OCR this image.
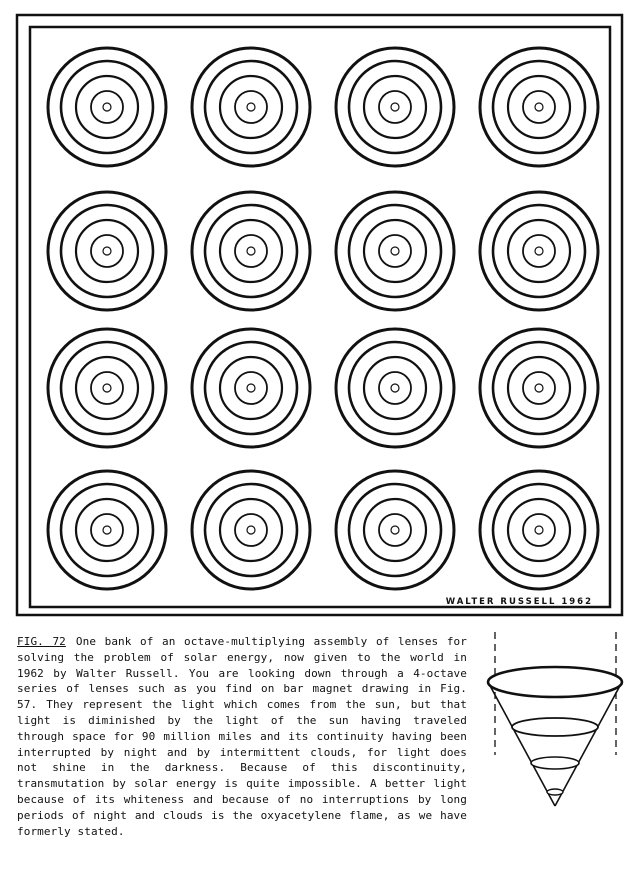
WALTER RUSSELL 1962
FIG. 72 One bank of an octave-multiplying assembly of lenses for solving the problem of solar energy, now given to the world in 1962 by Walter Russell. You are looking down through a 4-octave series of lenses such as you find on bar magnet drawing in Fig. 57. They represent the light which comes from the sun, but that light is diminished by the light of the sun having traveled through space for 90 million miles and its continuity having been interrupted by night and by intermittent clouds, for light does not shine in the darkness. Because of this discontinuity, transmutation by solar energy is quite impossible. A better light because of its whiteness and because of no interruptions by long periods of night and clouds is the oxyacetylene flame, as we have formerly stated.
